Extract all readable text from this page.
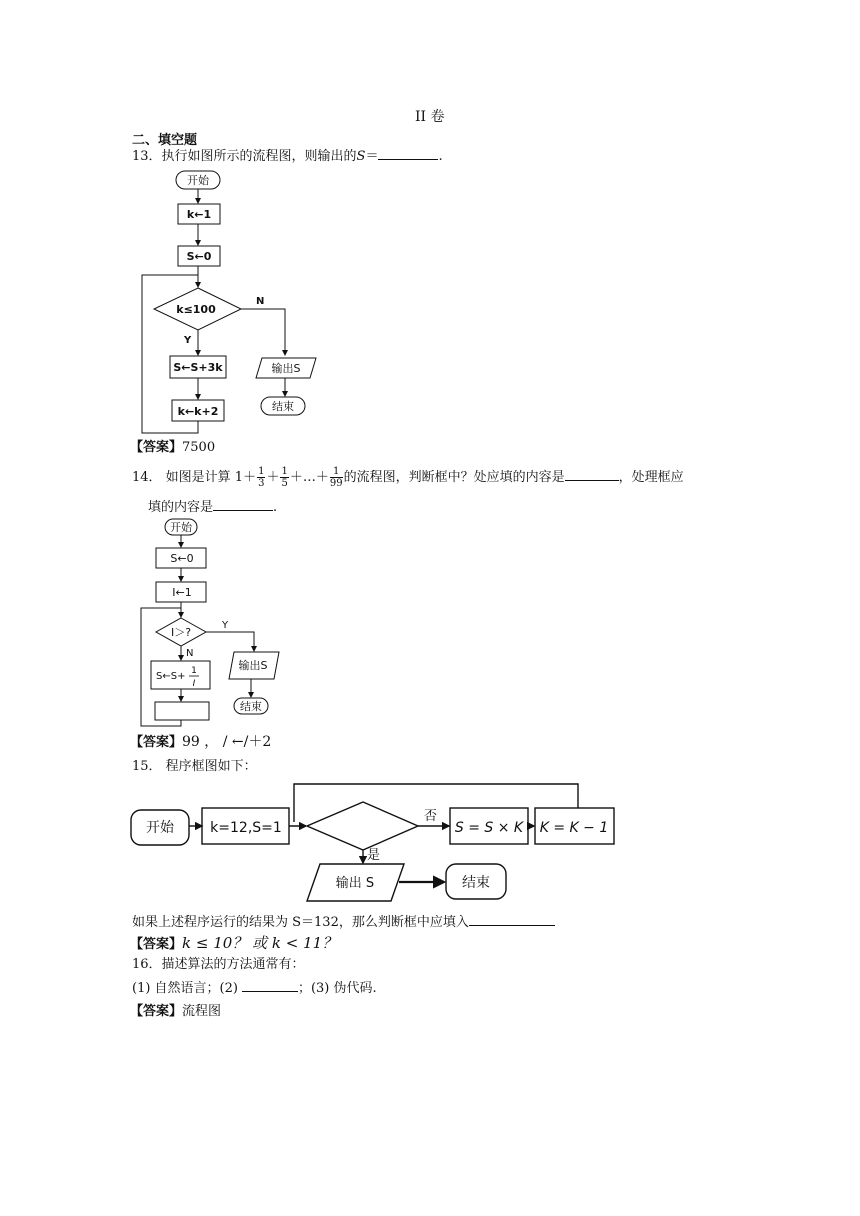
II 卷
二、填空题
13．执行如图所示的流程图，则输出的S＝	.
开始
k←1
S←0
k≤100
Y
N
S←S+3k
k←k+2
输出S
结束
【答案】7500
14． 如图是计算 $1+ \frac{1}{3} + \frac{1}{5}$ ＋…＋ $\frac{1}{99}$ 的流程图，判断框中？处应填的内容是	，处理框应
填的内容是	.
开始
S←0
I←1
I＞?
Y
N
S←S+ 1
I
输出S
结束
【答案】99 ， / ←/＋2
15． 程序框图如下：
开始	k=12,S=1
否
是
S = S × K K = K − 1
输出 S	结束
如果上述程序运行的结果为 S＝132，那么判断框中应填入
【答案】k ≤ 10？ 或 k < 11？
16．描述算法的方法通常有：
(1) 自然语言；(2)	；(3) 伪代码.
【答案】流程图
